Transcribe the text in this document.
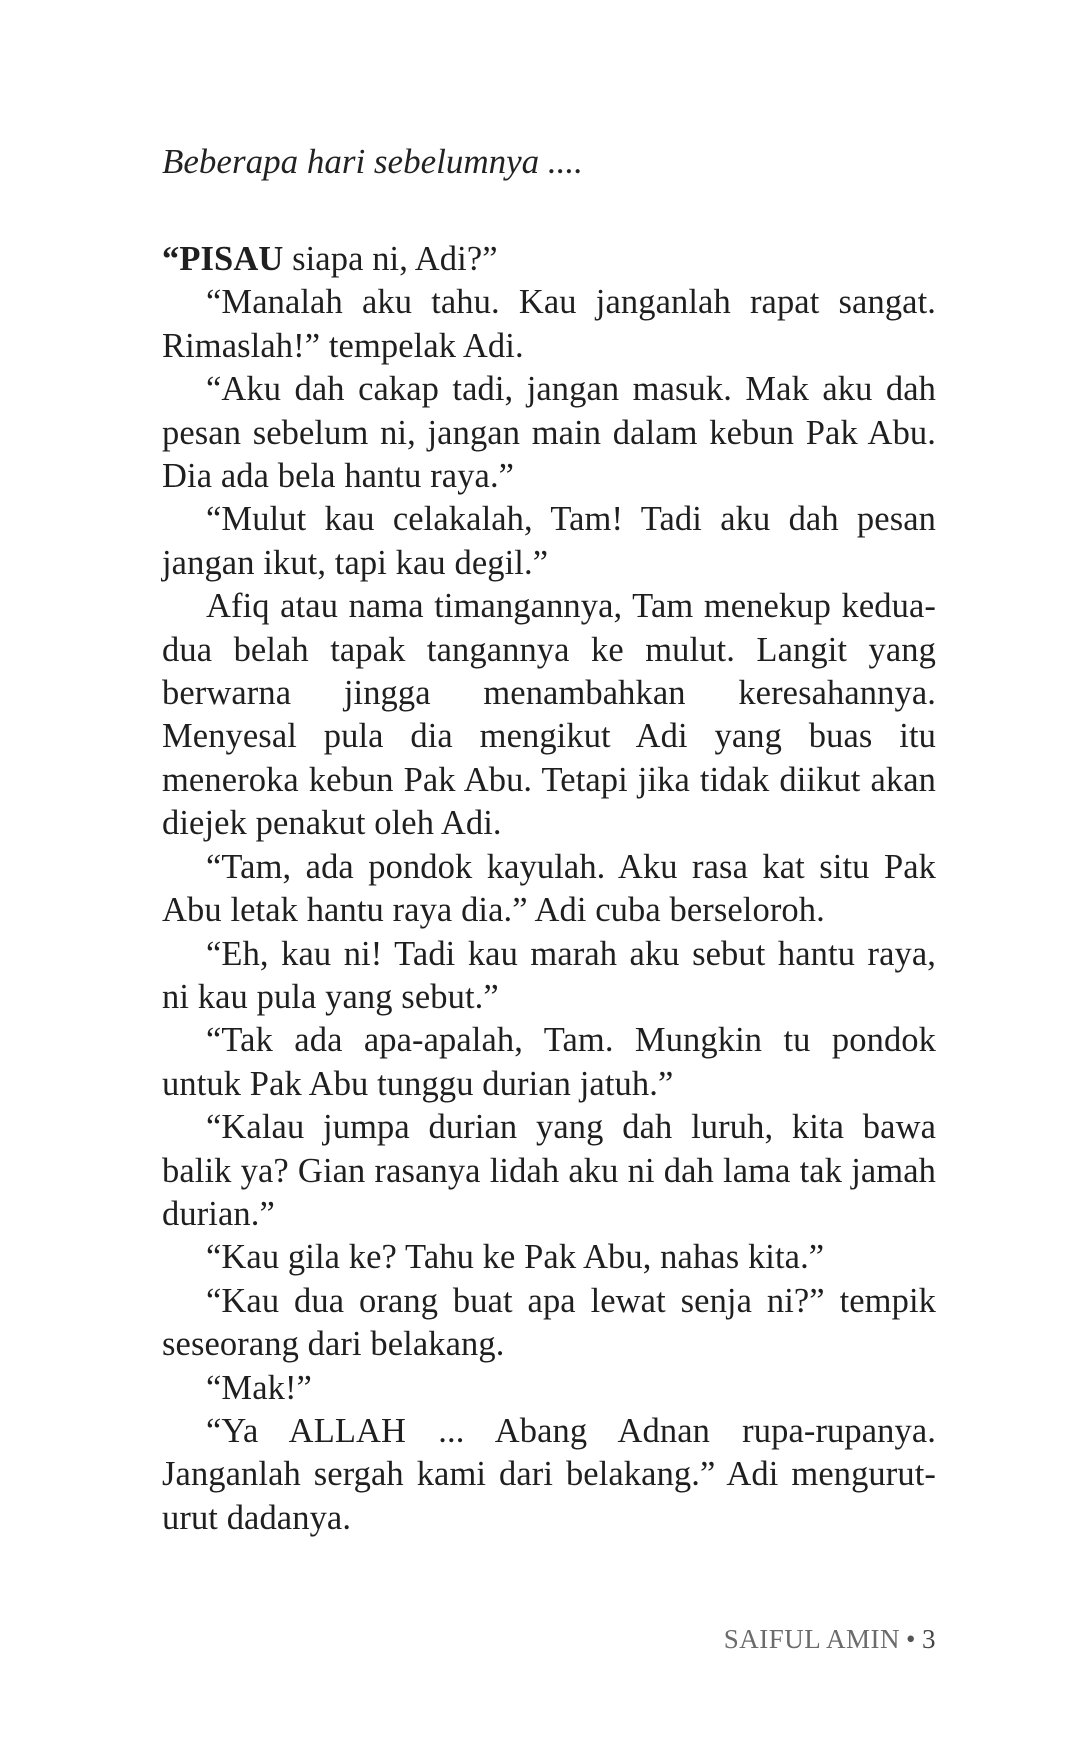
Beberapa hari sebelumnya ....

“PISAU siapa ni, Adi?”

“Manalah aku tahu. Kau janganlah rapat sangat. Rimaslah!” tempelak Adi.

“Aku dah cakap tadi, jangan masuk. Mak aku dah pesan sebelum ni, jangan main dalam kebun Pak Abu. Dia ada bela hantu raya.”

“Mulut kau celakalah, Tam! Tadi aku dah pesan jangan ikut, tapi kau degil.”

Afiq atau nama timangannya, Tam menekup kedua-dua belah tapak tangannya ke mulut. Langit yang berwarna jingga menambahkan keresahannya. Menyesal pula dia mengikut Adi yang buas itu meneroka kebun Pak Abu. Tetapi jika tidak diikut akan diejek penakut oleh Adi.

“Tam, ada pondok kayulah. Aku rasa kat situ Pak Abu letak hantu raya dia.” Adi cuba berseloroh.

“Eh, kau ni! Tadi kau marah aku sebut hantu raya, ni kau pula yang sebut.”

“Tak ada apa-apalah, Tam. Mungkin tu pondok untuk Pak Abu tunggu durian jatuh.”

“Kalau jumpa durian yang dah luruh, kita bawa balik ya? Gian rasanya lidah aku ni dah lama tak jamah durian.”

“Kau gila ke? Tahu ke Pak Abu, nahas kita.”

“Kau dua orang buat apa lewat senja ni?” tempik seseorang dari belakang.

“Mak!”

“Ya ALLAH ... Abang Adnan rupa-rupanya. Janganlah sergah kami dari belakang.” Adi mengurut-urut dadanya.

SAIFUL AMIN • 3
